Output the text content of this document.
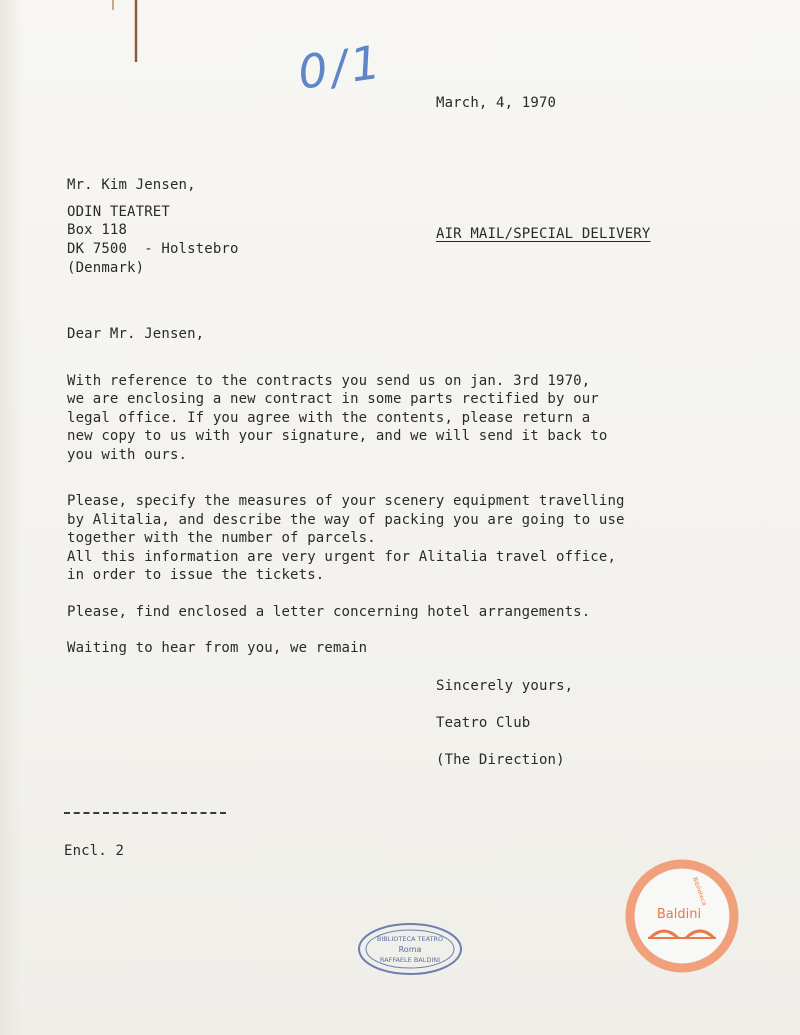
0/1
March, 4, 1970
Mr. Kim Jensen,
ODIN TEATRET
Box 118
DK 7500  - Holstebro
(Denmark)
AIR MAIL/SPECIAL DELIVERY
Dear Mr. Jensen,
With reference to the contracts you send us on jan. 3rd 1970,
we are enclosing a new contract in some parts rectified by our
legal office. If you agree with the contents, please return a
new copy to us with your signature, and we will send it back to
you with ours.
Please, specify the measures of your scenery equipment travelling
by Alitalia, and describe the way of packing you are going to use
together with the number of parcels.
All this information are very urgent for Alitalia travel office,
in order to issue the tickets.
Please, find enclosed a letter concerning hotel arrangements.
Waiting to hear from you, we remain
Sincerely yours,
Teatro Club
(The Direction)
Encl. 2
BIBLIOTECA TEATRO
Roma
RAFFAELE BALDINI
Biblioteca
Baldini
